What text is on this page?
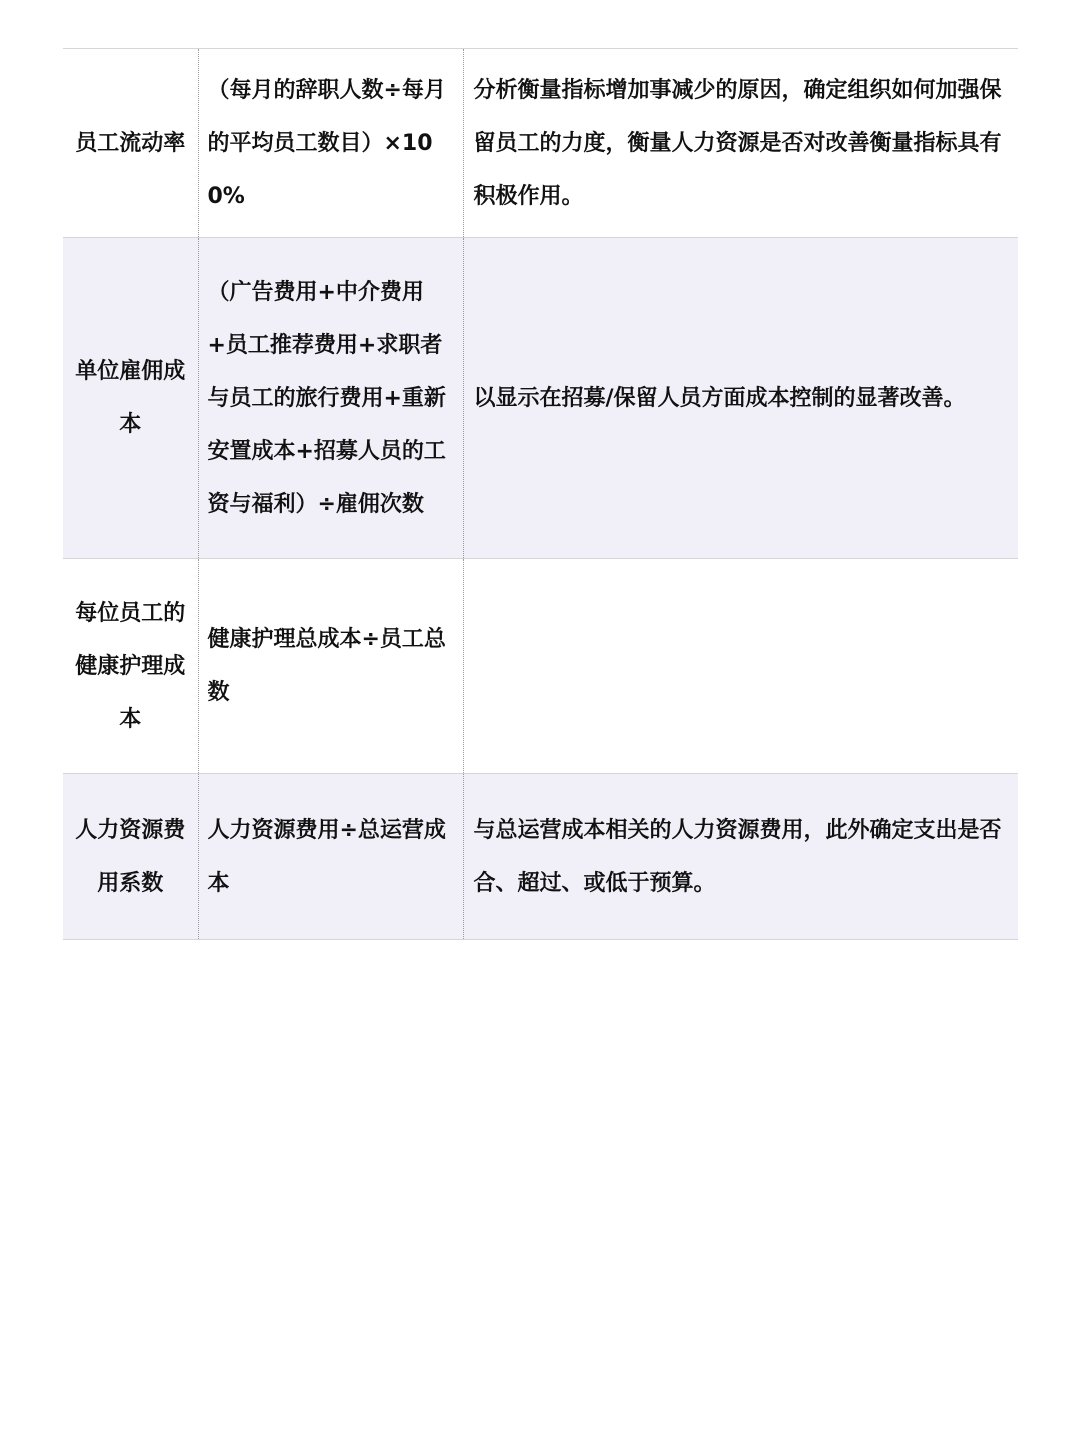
员工流动率	（每月的辞职人数÷每月的平均员工数目）×100%	分析衡量指标增加事减少的原因，确定组织如何加强保留员工的力度，衡量人力资源是否对改善衡量指标具有积极作用。
单位雇佣成本	（广告费用+中介费用+员工推荐费用+求职者与员工的旅行费用+重新安置成本+招募人员的工资与福利）÷雇佣次数	以显示在招募/保留人员方面成本控制的显著改善。
每位员工的健康护理成本	健康护理总成本÷员工总数	
人力资源费用系数	人力资源费用÷总运营成本	与总运营成本相关的人力资源费用，此外确定支出是否合、超过、或低于预算。
